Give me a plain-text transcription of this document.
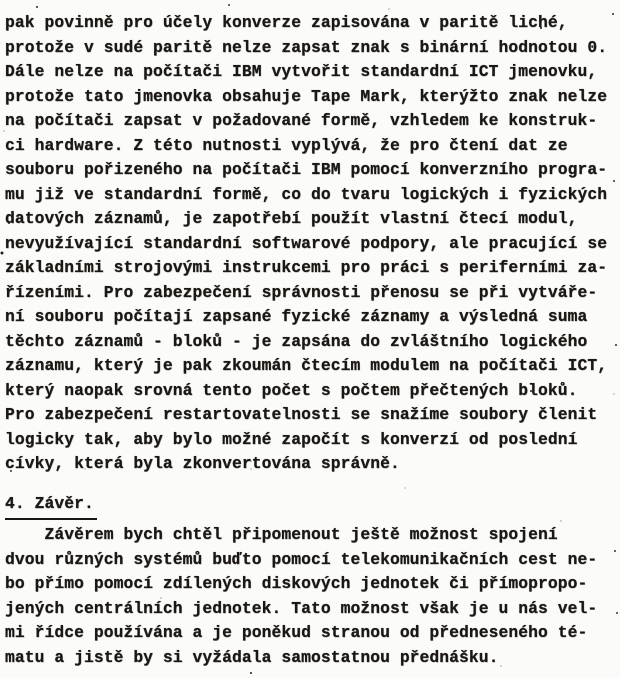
pak povinně pro účely konverze zapisována v paritě liché,
protože v sudé paritě nelze zapsat znak s binární hodnotou 0.
Dále nelze na počítači IBM vytvořit standardní ICT jmenovku,
protože tato jmenovka obsahuje Tape Mark, kterýžto znak nelze
na počítači zapsat v požadované formě, vzhledem ke konstruk-
ci hardware. Z této nutnosti vyplývá, že pro čtení dat ze
souboru pořizeného na počítači IBM pomocí konverzního progra-
mu již ve standardní formě, co do tvaru logických i fyzických
datových záznamů, je zapotřebí použít vlastní čtecí modul,
nevyužívající standardní softwarové podpory, ale pracující se
základními strojovými instrukcemi pro práci s periferními za-
řízeními. Pro zabezpečení správnosti přenosu se při vytváře-
ní souboru počítají zapsané fyzické záznamy a výsledná suma
těchto záznamů - bloků - je zapsána do zvláštního logického
záznamu, který je pak zkoumán čtecím modulem na počítači ICT,
který naopak srovná tento počet s počtem přečtených bloků.
Pro zabezpečení restartovatelnosti se snažíme soubory členit
logicky tak, aby bylo možné započít s konverzí od poslední
cívky, která byla zkonvertována správně.
4. Závěr.
Závěrem bych chtěl připomenout ještě možnost spojení
dvou různých systémů buďto pomocí telekomunikačních cest ne-
bo přímo pomocí zdílených diskových jednotek či přímopropo-
jených centrálních jednotek. Tato možnost však je u nás vel-
mi řídce používána a je poněkud stranou od předneseného té-
matu a jistě by si vyžádala samostatnou přednášku.
